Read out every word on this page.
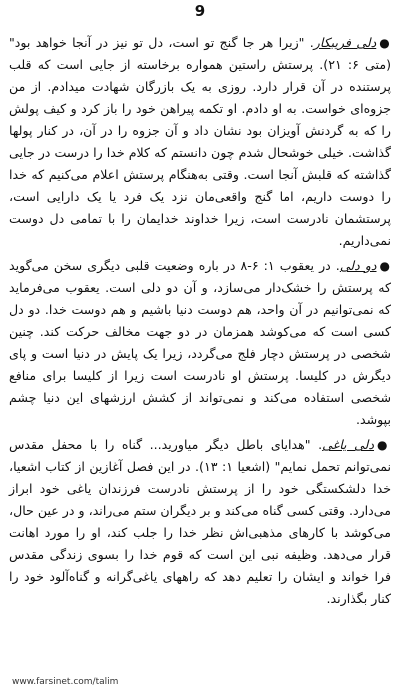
9

●دلی فریبکار. "زیرا هر جا گنج تو است، دل تو نیز در آنجا خواهد بود" (متی ۶: ۲۱). پرستش راستین همواره برخاسته از جایی است که قلب پرستنده در آن قرار دارد. روزی به یک بازرگان شهادت میدادم. از من جزوه‌ای خواست. به او دادم. او تکمه پیراهن خود را باز کرد و کیف پولش را که به گردنش آویزان بود نشان داد و آن جزوه را در آن، در کنار پولها گذاشت. خیلی خوشحال شدم چون دانستم که کلام خدا را درست در جایی گذاشته که قلبش آنجا است. وقتی به‌هنگام پرستش اعلام می‌کنیم که خدا را دوست داریم، اما گنج واقعی‌مان نزد یک فرد یا یک دارایی است، پرستشمان نادرست است، زیرا خداوند خدایمان را با تمامی دل دوست نمی‌داریم.

●دو دلی. در یعقوب ۱: ۶-۸ در باره وضعیت قلبی دیگری سخن می‌گوید که پرستش را خشک‌دار می‌سازد، و آن دو دلی است. یعقوب می‌فرماید که نمی‌توانیم در آن واحد، هم دوست دنیا باشیم و هم دوست خدا. دو دل کسی است که می‌کوشد همزمان در دو جهت مخالف حرکت کند. چنین شخصی در پرستش دچار فلج می‌گردد، زیرا یک پایش در دنیا است و پای دیگرش در کلیسا. پرستش او نادرست است زیرا از کلیسا برای منافع شخصی استفاده می‌کند و نمی‌تواند از کشش ارزشهای این دنیا چشم بپوشد.

●دلی یاغی. "هدایای باطل دیگر میاورید... گناه را با محفل مقدس نمی‌توانم تحمل نمایم" (اشعیا ۱: ۱۳). در این فصل آغازین از کتاب اشعیا، خدا دلشکستگی خود را از پرستش نادرست فرزندان یاغی خود ابراز می‌دارد. وقتی کسی گناه می‌کند و بر دیگران ستم می‌راند، و در عین حال، می‌کوشد با کارهای مذهبی‌اش نظر خدا را جلب کند، او را مورد اهانت قرار می‌دهد. وظیفه نبی این است که قوم خدا را بسوی زندگی مقدس فرا خواند و ایشان را تعلیم دهد که راههای یاغی‌گرانه و گناه‌آلود خود را کنار بگذارند.

www.farsinet.com/talim
